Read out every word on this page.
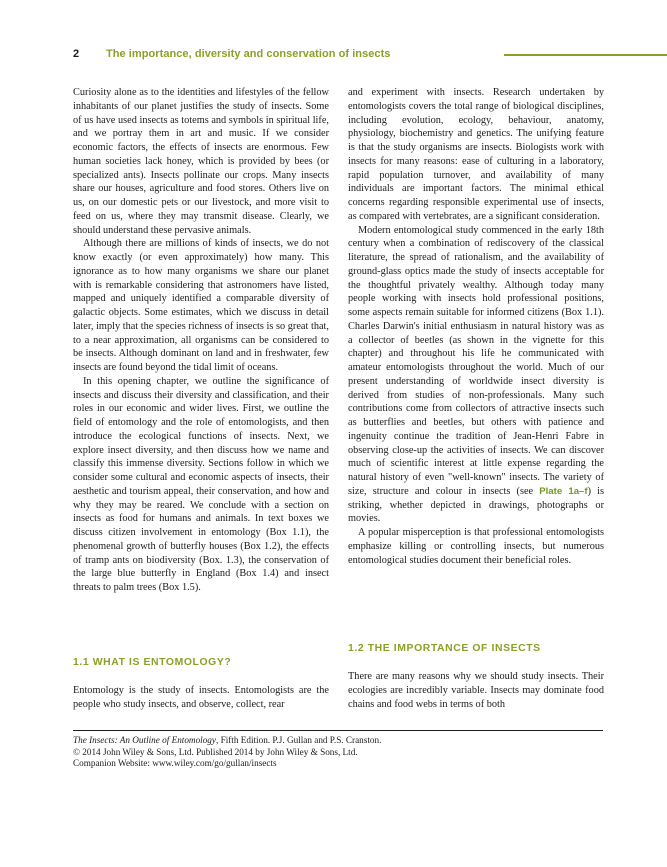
2 The importance, diversity and conservation of insects

Curiosity alone as to the identities and lifestyles of the fellow inhabitants of our planet justifies the study of insects. Some of us have used insects as totems and symbols in spiritual life, and we portray them in art and music. If we consider economic factors, the effects of insects are enormous. Few human societies lack honey, which is provided by bees (or specialized ants). Insects pollinate our crops. Many insects share our houses, agriculture and food stores. Others live on us, on our domestic pets or our livestock, and more visit to feed on us, where they may transmit disease. Clearly, we should understand these pervasive animals.

Although there are millions of kinds of insects, we do not know exactly (or even approximately) how many. This ignorance as to how many organisms we share our planet with is remarkable considering that astronomers have listed, mapped and uniquely identified a comparable diversity of galactic objects. Some estimates, which we discuss in detail later, imply that the species richness of insects is so great that, to a near approximation, all organisms can be considered to be insects. Although dominant on land and in freshwater, few insects are found beyond the tidal limit of oceans.

In this opening chapter, we outline the significance of insects and discuss their diversity and classification, and their roles in our economic and wider lives. First, we outline the field of entomology and the role of entomologists, and then introduce the ecological functions of insects. Next, we explore insect diversity, and then discuss how we name and classify this immense diversity. Sections follow in which we consider some cultural and economic aspects of insects, their aesthetic and tourism appeal, their conservation, and how and why they may be reared. We conclude with a section on insects as food for humans and animals. In text boxes we discuss citizen involvement in entomology (Box 1.1), the phenomenal growth of butterfly houses (Box 1.2), the effects of tramp ants on biodiversity (Box. 1.3), the conservation of the large blue butterfly in England (Box 1.4) and insect threats to palm trees (Box 1.5).

1.1 WHAT IS ENTOMOLOGY?

Entomology is the study of insects. Entomologists are the people who study insects, and observe, collect, rear

and experiment with insects. Research undertaken by entomologists covers the total range of biological disciplines, including evolution, ecology, behaviour, anatomy, physiology, biochemistry and genetics. The unifying feature is that the study organisms are insects. Biologists work with insects for many reasons: ease of culturing in a laboratory, rapid population turnover, and availability of many individuals are important factors. The minimal ethical concerns regarding responsible experimental use of insects, as compared with vertebrates, are a significant consideration.

Modern entomological study commenced in the early 18th century when a combination of rediscovery of the classical literature, the spread of rationalism, and the availability of ground-glass optics made the study of insects acceptable for the thoughtful privately wealthy. Although today many people working with insects hold professional positions, some aspects remain suitable for informed citizens (Box 1.1). Charles Darwin's initial enthusiasm in natural history was as a collector of beetles (as shown in the vignette for this chapter) and throughout his life he communicated with amateur entomologists throughout the world. Much of our present understanding of worldwide insect diversity is derived from studies of non-professionals. Many such contributions come from collectors of attractive insects such as butterflies and beetles, but others with patience and ingenuity continue the tradition of Jean-Henri Fabre in observing close-up the activities of insects. We can discover much of scientific interest at little expense regarding the natural history of even "well-known" insects. The variety of size, structure and colour in insects (see Plate 1a–f) is striking, whether depicted in drawings, photographs or movies.

A popular misperception is that professional entomologists emphasize killing or controlling insects, but numerous entomological studies document their beneficial roles.

1.2 THE IMPORTANCE OF INSECTS

There are many reasons why we should study insects. Their ecologies are incredibly variable. Insects may dominate food chains and food webs in terms of both

The Insects: An Outline of Entomology, Fifth Edition. P.J. Gullan and P.S. Cranston.
© 2014 John Wiley & Sons, Ltd. Published 2014 by John Wiley & Sons, Ltd.
Companion Website: www.wiley.com/go/gullan/insects
